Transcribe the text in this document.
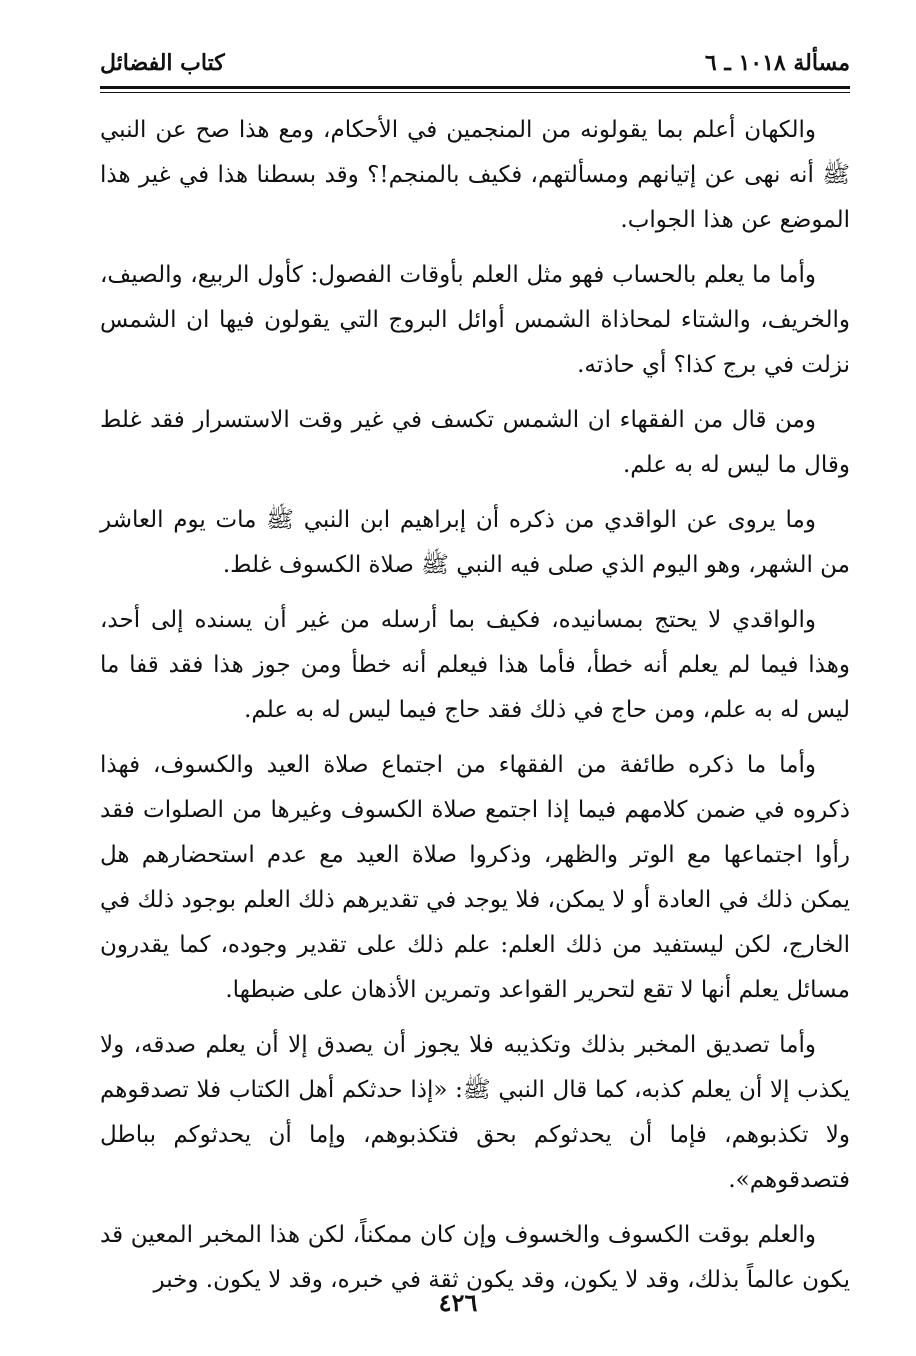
مسألة ١٠١٨ ـ ٦
كتاب الفضائل

والكهان أعلم بما يقولونه من المنجمين في الأحكام، ومع هذا صح عن النبي ﷺ أنه نهى عن إتيانهم ومسألتهم، فكيف بالمنجم!؟ وقد بسطنا هذا في غير هذا الموضع عن هذا الجواب.

وأما ما يعلم بالحساب فهو مثل العلم بأوقات الفصول: كأول الربيع، والصيف، والخريف، والشتاء لمحاذاة الشمس أوائل البروج التي يقولون فيها ان الشمس نزلت في برج كذا؟ أي حاذته.

ومن قال من الفقهاء ان الشمس تكسف في غير وقت الاستسرار فقد غلط وقال ما ليس له به علم.

وما يروى عن الواقدي من ذكره أن إبراهيم ابن النبي ﷺ مات يوم العاشر من الشهر، وهو اليوم الذي صلى فيه النبي ﷺ صلاة الكسوف غلط.

والواقدي لا يحتج بمسانيده، فكيف بما أرسله من غير أن يسنده إلى أحد، وهذا فيما لم يعلم أنه خطأ، فأما هذا فيعلم أنه خطأ ومن جوز هذا فقد قفا ما ليس له به علم، ومن حاج في ذلك فقد حاج فيما ليس له به علم.

وأما ما ذكره طائفة من الفقهاء من اجتماع صلاة العيد والكسوف، فهذا ذكروه في ضمن كلامهم فيما إذا اجتمع صلاة الكسوف وغيرها من الصلوات فقد رأوا اجتماعها مع الوتر والظهر، وذكروا صلاة العيد مع عدم استحضارهم هل يمكن ذلك في العادة أو لا يمكن، فلا يوجد في تقديرهم ذلك العلم بوجود ذلك في الخارج، لكن ليستفيد من ذلك العلم: علم ذلك على تقدير وجوده، كما يقدرون مسائل يعلم أنها لا تقع لتحرير القواعد وتمرين الأذهان على ضبطها.

وأما تصديق المخبر بذلك وتكذيبه فلا يجوز أن يصدق إلا أن يعلم صدقه، ولا يكذب إلا أن يعلم كذبه، كما قال النبي ﷺ: «إذا حدثكم أهل الكتاب فلا تصدقوهم ولا تكذبوهم، فإما أن يحدثوكم بحق فتكذبوهم، وإما أن يحدثوكم بباطل فتصدقوهم».

والعلم بوقت الكسوف والخسوف وإن كان ممكناً، لكن هذا المخبر المعين قد يكون عالماً بذلك، وقد لا يكون، وقد يكون ثقة في خبره، وقد لا يكون. وخبر

٤٢٦
